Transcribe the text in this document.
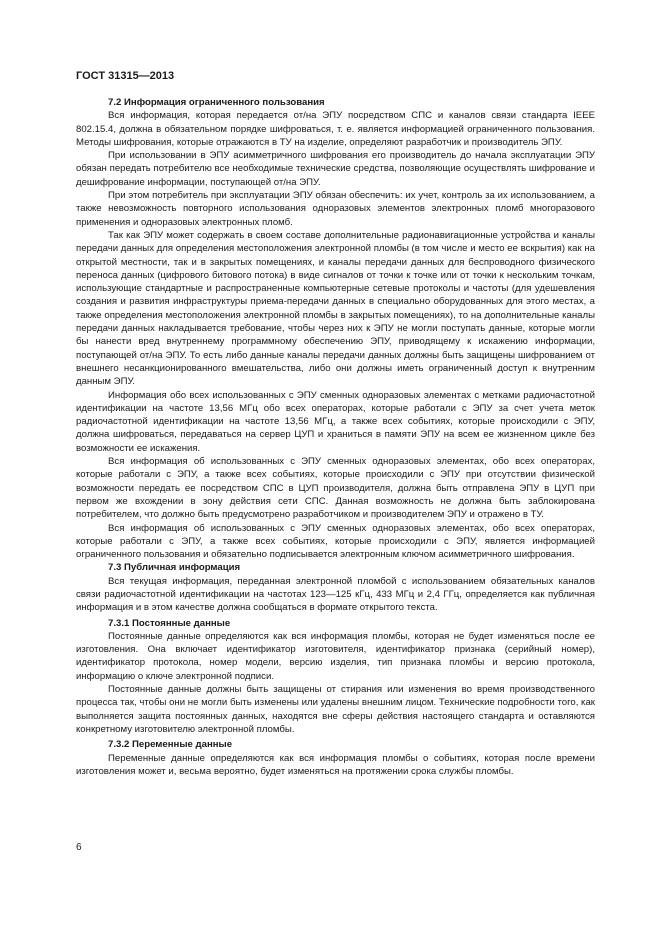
ГОСТ 31315—2013
7.2 Информация ограниченного пользования

Вся информация, которая передается от/на ЭПУ посредством СПС и каналов связи стандарта IEEE 802.15.4, должна в обязательном порядке шифроваться, т. е. является информацией ограниченного пользования. Методы шифрования, которые отражаются в ТУ на изделие, определяют разработчик и производитель ЭПУ.

При использовании в ЭПУ асимметричного шифрования его производитель до начала эксплуатации ЭПУ обязан передать потребителю все необходимые технические средства, позволяющие осуществлять шифрование и дешифрование информации, поступающей от/на ЭПУ.

При этом потребитель при эксплуатации ЭПУ обязан обеспечить: их учет, контроль за их использованием, а также невозможность повторного использования одноразовых элементов электронных пломб многоразового применения и одноразовых электронных пломб.

Так как ЭПУ может содержать в своем составе дополнительные радионавигационные устройства и каналы передачи данных для определения местоположения электронной пломбы (в том числе и место ее вскрытия) как на открытой местности, так и в закрытых помещениях, и каналы передачи данных для беспроводного физического переноса данных (цифрового битового потока) в виде сигналов от точки к точке или от точки к нескольким точкам, использующие стандартные и распространенные компьютерные сетевые протоколы и частоты (для удешевления создания и развития инфраструктуры приема-передачи данных в специально оборудованных для этого местах, а также определения местоположения электронной пломбы в закрытых помещениях), то на дополнительные каналы передачи данных накладывается требование, чтобы через них к ЭПУ не могли поступать данные, которые могли бы нанести вред внутреннему программному обеспечению ЭПУ, приводящему к искажению информации, поступающей от/на ЭПУ. То есть либо данные каналы передачи данных должны быть защищены шифрованием от внешнего несанкционированного вмешательства, либо они должны иметь ограниченный доступ к внутренним данным ЭПУ.

Информация обо всех использованных с ЭПУ сменных одноразовых элементах с метками радиочастотной идентификации на частоте 13,56 МГц обо всех операторах, которые работали с ЭПУ за счет учета меток радиочастотной идентификации на частоте 13,56 МГц, а также всех событиях, которые происходили с ЭПУ, должна шифроваться, передаваться на сервер ЦУП и храниться в памяти ЭПУ на всем ее жизненном цикле без возможности ее искажения.

Вся информация об использованных с ЭПУ сменных одноразовых элементах, обо всех операторах, которые работали с ЭПУ, а также всех событиях, которые происходили с ЭПУ при отсутствии физической возможности передать ее посредством СПС в ЦУП производителя, должна быть отправлена ЭПУ в ЦУП при первом же вхождении в зону действия сети СПС. Данная возможность не должна быть заблокирована потребителем, что должно быть предусмотрено разработчиком и производителем ЭПУ и отражено в ТУ.

Вся информация об использованных с ЭПУ сменных одноразовых элементах, обо всех операторах, которые работали с ЭПУ, а также всех событиях, которые происходили с ЭПУ, является информацией ограниченного пользования и обязательно подписывается электронным ключом асимметричного шифрования.

7.3 Публичная информация

Вся текущая информация, переданная электронной пломбой с использованием обязательных каналов связи радиочастотной идентификации на частотах 123—125 кГц, 433 МГц и 2,4 ГГц, определяется как публичная информация и в этом качестве должна сообщаться в формате открытого текста.

7.3.1 Постоянные данные

Постоянные данные определяются как вся информация пломбы, которая не будет изменяться после ее изготовления. Она включает идентификатор изготовителя, идентификатор признака (серийный номер), идентификатор протокола, номер модели, версию изделия, тип признака пломбы и версию протокола, информацию о ключе электронной подписи.

Постоянные данные должны быть защищены от стирания или изменения во время производственного процесса так, чтобы они не могли быть изменены или удалены внешним лицом. Технические подробности того, как выполняется защита постоянных данных, находятся вне сферы действия настоящего стандарта и оставляются конкретному изготовителю электронной пломбы.

7.3.2 Переменные данные

Переменные данные определяются как вся информация пломбы о событиях, которая после времени изготовления может и, весьма вероятно, будет изменяться на протяжении срока службы пломбы.

6
